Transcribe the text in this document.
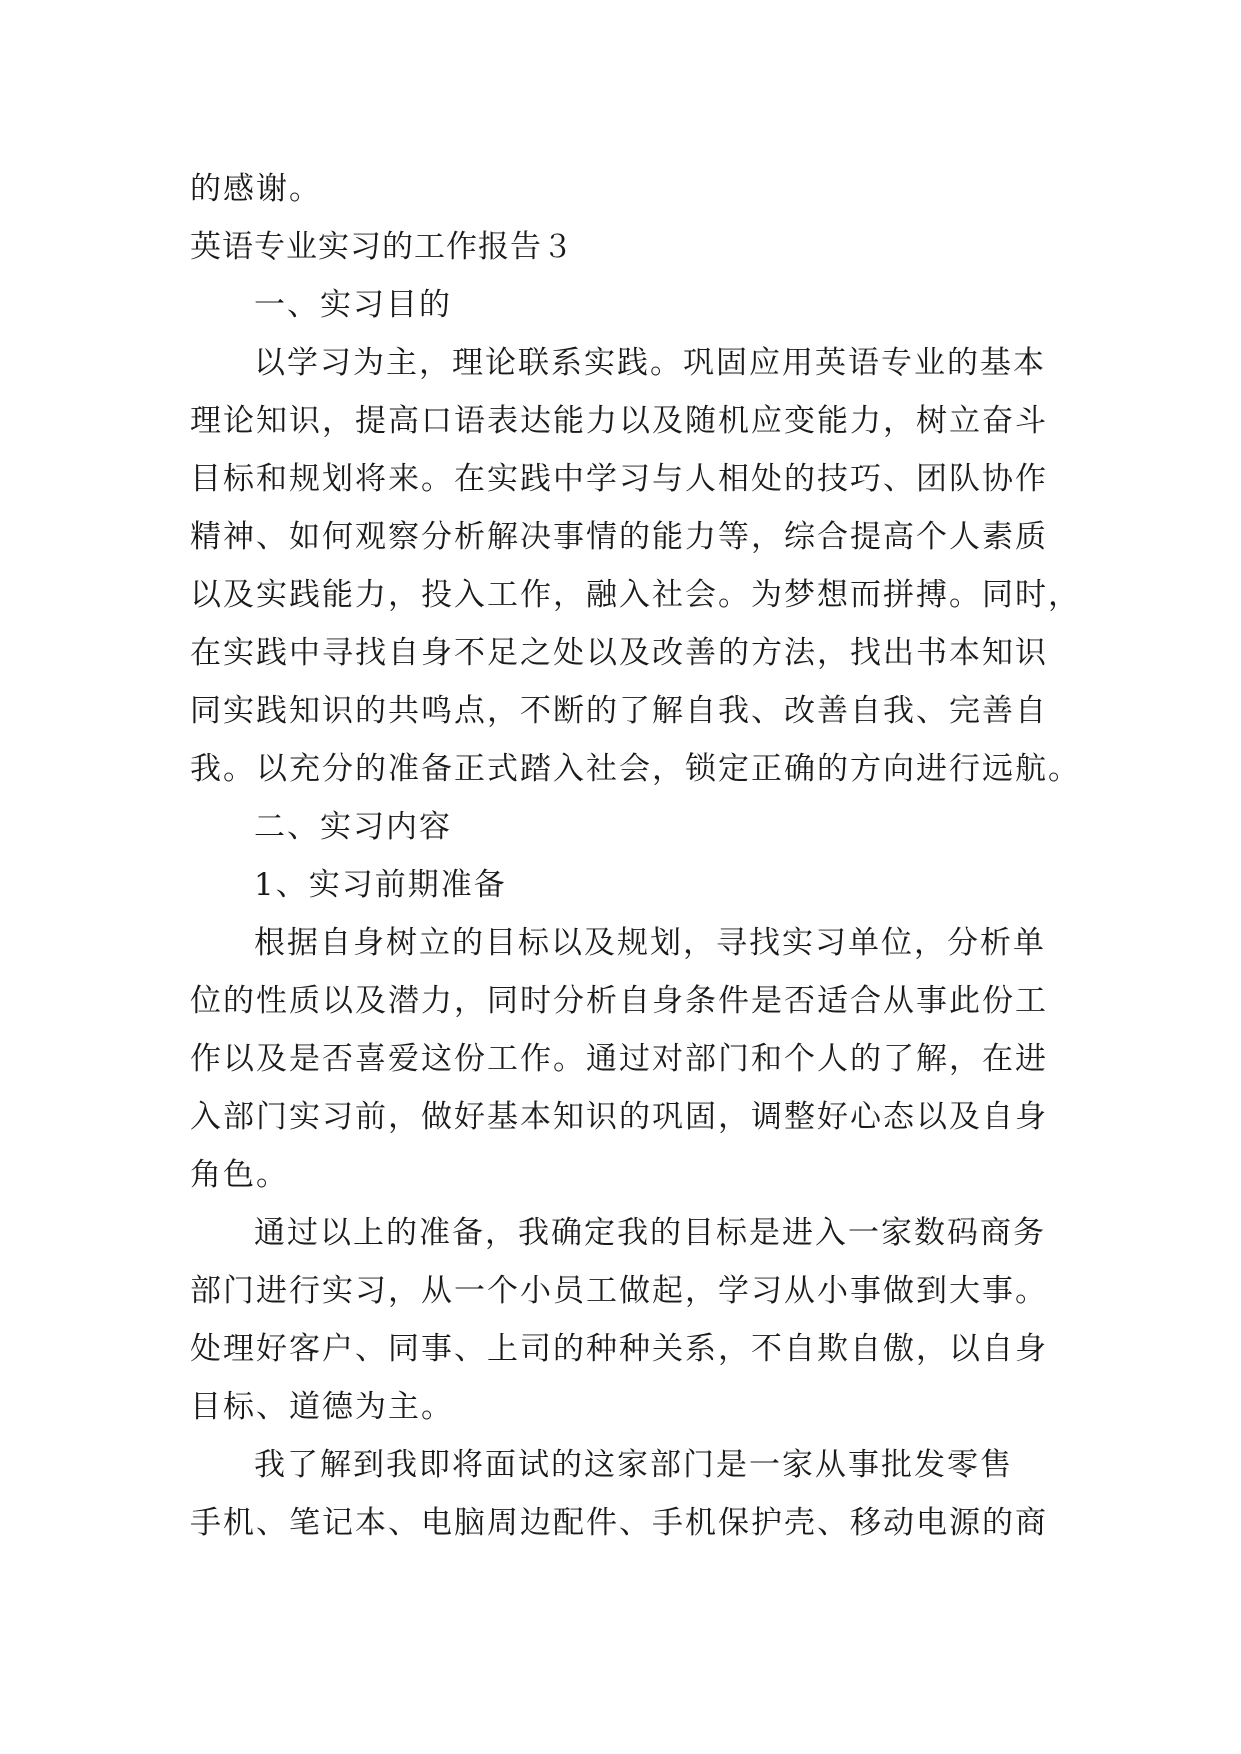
的感谢。
英语专业实习的工作报告３
一、实习目的
以学习为主，理论联系实践。巩固应用英语专业的基本
理论知识，提高口语表达能力以及随机应变能力，树立奋斗
目标和规划将来。在实践中学习与人相处的技巧、团队协作
精神、如何观察分析解决事情的能力等，综合提高个人素质
以及实践能力，投入工作，融入社会。为梦想而拼搏。同时，
在实践中寻找自身不足之处以及改善的方法，找出书本知识
同实践知识的共鸣点，不断的了解自我、改善自我、完善自
我。以充分的准备正式踏入社会，锁定正确的方向进行远航。
二、实习内容
1、实习前期准备
根据自身树立的目标以及规划，寻找实习单位，分析单
位的性质以及潜力，同时分析自身条件是否适合从事此份工
作以及是否喜爱这份工作。通过对部门和个人的了解，在进
入部门实习前，做好基本知识的巩固，调整好心态以及自身
角色。
通过以上的准备，我确定我的目标是进入一家数码商务
部门进行实习，从一个小员工做起，学习从小事做到大事。
处理好客户、同事、上司的种种关系，不自欺自傲，以自身
目标、道德为主。
我了解到我即将面试的这家部门是一家从事批发零售
手机、笔记本、电脑周边配件、手机保护壳、移动电源的商
